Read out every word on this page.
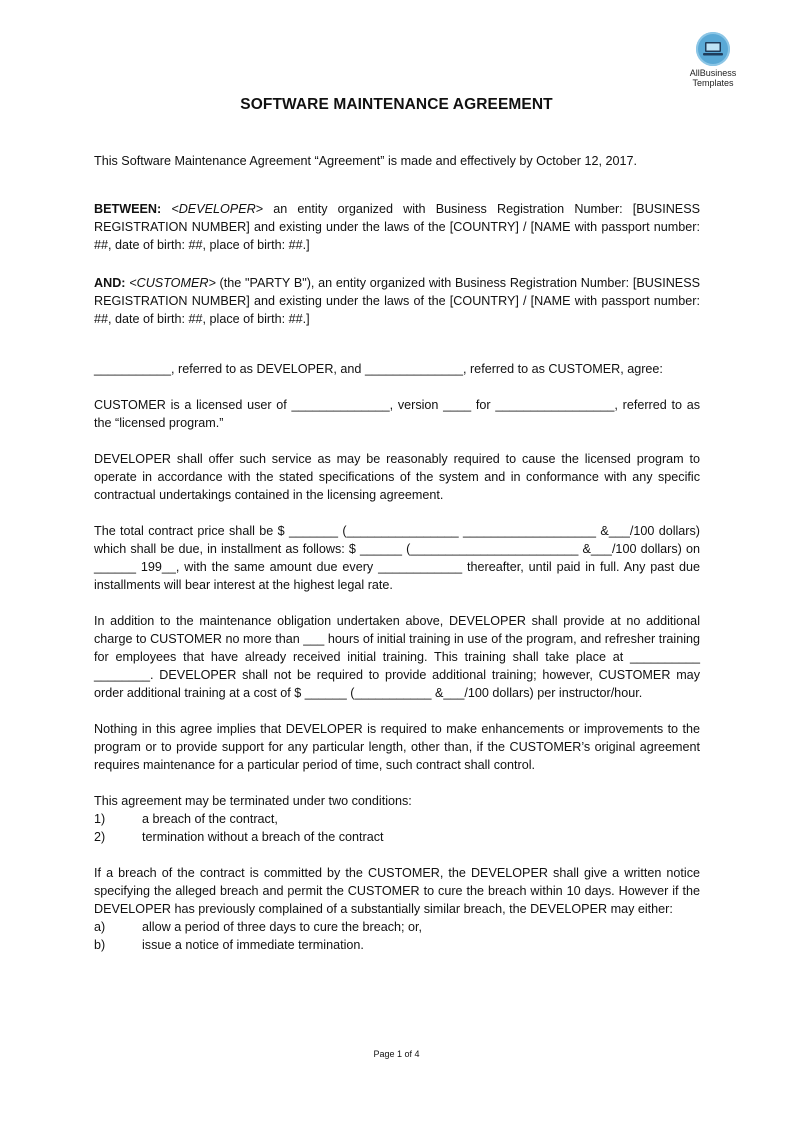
AllBusiness
Templates
SOFTWARE MAINTENANCE AGREEMENT

This Software Maintenance Agreement “Agreement” is made and effectively by October 12, 2017.

BETWEEN: <DEVELOPER> an entity organized with Business Registration Number: [BUSINESS REGISTRATION NUMBER] and existing under the laws of the [COUNTRY] / [NAME with passport number: ##, date of birth: ##, place of birth: ##.]

AND: <CUSTOMER> (the "PARTY B"), an entity organized with Business Registration Number: [BUSINESS REGISTRATION NUMBER] and existing under the laws of the [COUNTRY] / [NAME with passport number: ##, date of birth: ##, place of birth: ##.]

___________, referred to as DEVELOPER, and ______________, referred to as CUSTOMER, agree:

CUSTOMER is a licensed user of ______________, version ____ for _________________, referred to as the “licensed program.”

DEVELOPER shall offer such service as may be reasonably required to cause the licensed program to operate in accordance with the stated specifications of the system and in conformance with any specific contractual undertakings contained in the licensing agreement.

The total contract price shall be $ _______ (________________ ___________________ &___/100 dollars) which shall be due, in installment as follows: $ ______ (________________________ &___/100 dollars) on ______ 199__, with the same amount due every ____________ thereafter, until paid in full. Any past due installments will bear interest at the highest legal rate.

In addition to the maintenance obligation undertaken above, DEVELOPER shall provide at no additional charge to CUSTOMER no more than ___ hours of initial training in use of the program, and refresher training for employees that have already received initial training. This training shall take place at __________ ________. DEVELOPER shall not be required to provide additional training; however, CUSTOMER may order additional training at a cost of $ ______ (___________ &___/100 dollars) per instructor/hour.

Nothing in this agree implies that DEVELOPER is required to make enhancements or improvements to the program or to provide support for any particular length, other than, if the CUSTOMER’s original agreement requires maintenance for a particular period of time, such contract shall control.

This agreement may be terminated under two conditions:

1)	a breach of the contract,
2)	termination without a breach of the contract

If a breach of the contract is committed by the CUSTOMER, the DEVELOPER shall give a written notice specifying the alleged breach and permit the CUSTOMER to cure the breach within 10 days. However if the DEVELOPER has previously complained of a substantially similar breach, the DEVELOPER may either:

a)	allow a period of three days to cure the breach; or,
b)	issue a notice of immediate termination.
Page 1 of 4
